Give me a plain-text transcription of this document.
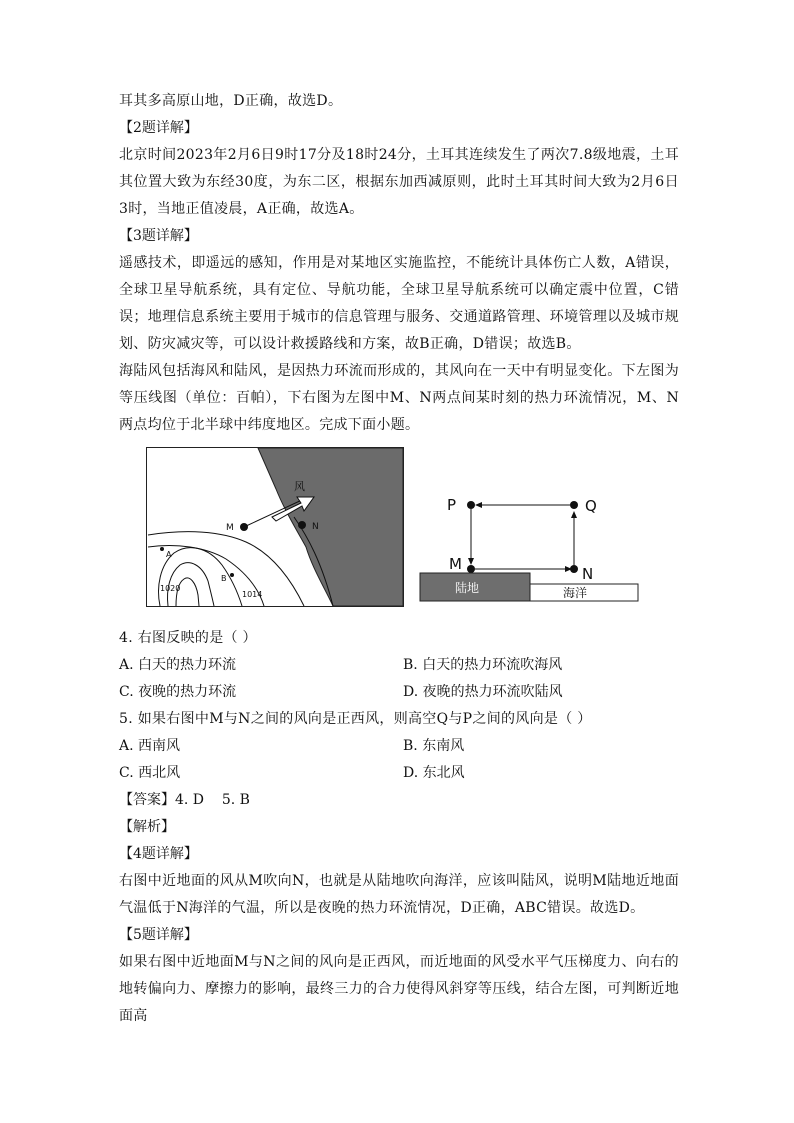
耳其多高原山地，D正确，故选D。

【2题详解】

北京时间2023年2月6日9时17分及18时24分，土耳其连续发生了两次7.8级地震，土耳其位置大致为东经30度，为东二区，根据东加西减原则，此时土耳其时间大致为2月6日3时，当地正值凌晨，A正确，故选A。

【3题详解】

遥感技术，即遥远的感知，作用是对某地区实施监控，不能统计具体伤亡人数，A错误，全球卫星导航系统，具有定位、导航功能，全球卫星导航系统可以确定震中位置，C错误；地理信息系统主要用于城市的信息管理与服务、交通道路管理、环境管理以及城市规划、防灾减灾等，可以设计救援路线和方案，故B正确，D错误；故选B。

海陆风包括海风和陆风，是因热力环流而形成的，其风向在一天中有明显变化。下左图为等压线图（单位：百帕），下右图为左图中M、N两点间某时刻的热力环流情况，M、N两点均位于北半球中纬度地区。完成下面小题。

风
M	N
A
B
1020
1014
P	Q
M
N
陆地	海洋

4. 右图反映的是（ ）

A. 白天的热力环流	B. 白天的热力环流吹海风
C. 夜晚的热力环流	D. 夜晚的热力环流吹陆风

5. 如果右图中M与N之间的风向是正西风，则高空Q与P之间的风向是（ ）

A. 西南风	B. 东南风
C. 西北风	D. 东北风

【答案】4. D    5. B

【解析】

【4题详解】

右图中近地面的风从M吹向N，也就是从陆地吹向海洋，应该叫陆风，说明M陆地近地面气温低于N海洋的气温，所以是夜晚的热力环流情况，D正确，ABC错误。故选D。

【5题详解】

如果右图中近地面M与N之间的风向是正西风，而近地面的风受水平气压梯度力、向右的地转偏向力、摩擦力的影响，最终三力的合力使得风斜穿等压线，结合左图，可判断近地面高
